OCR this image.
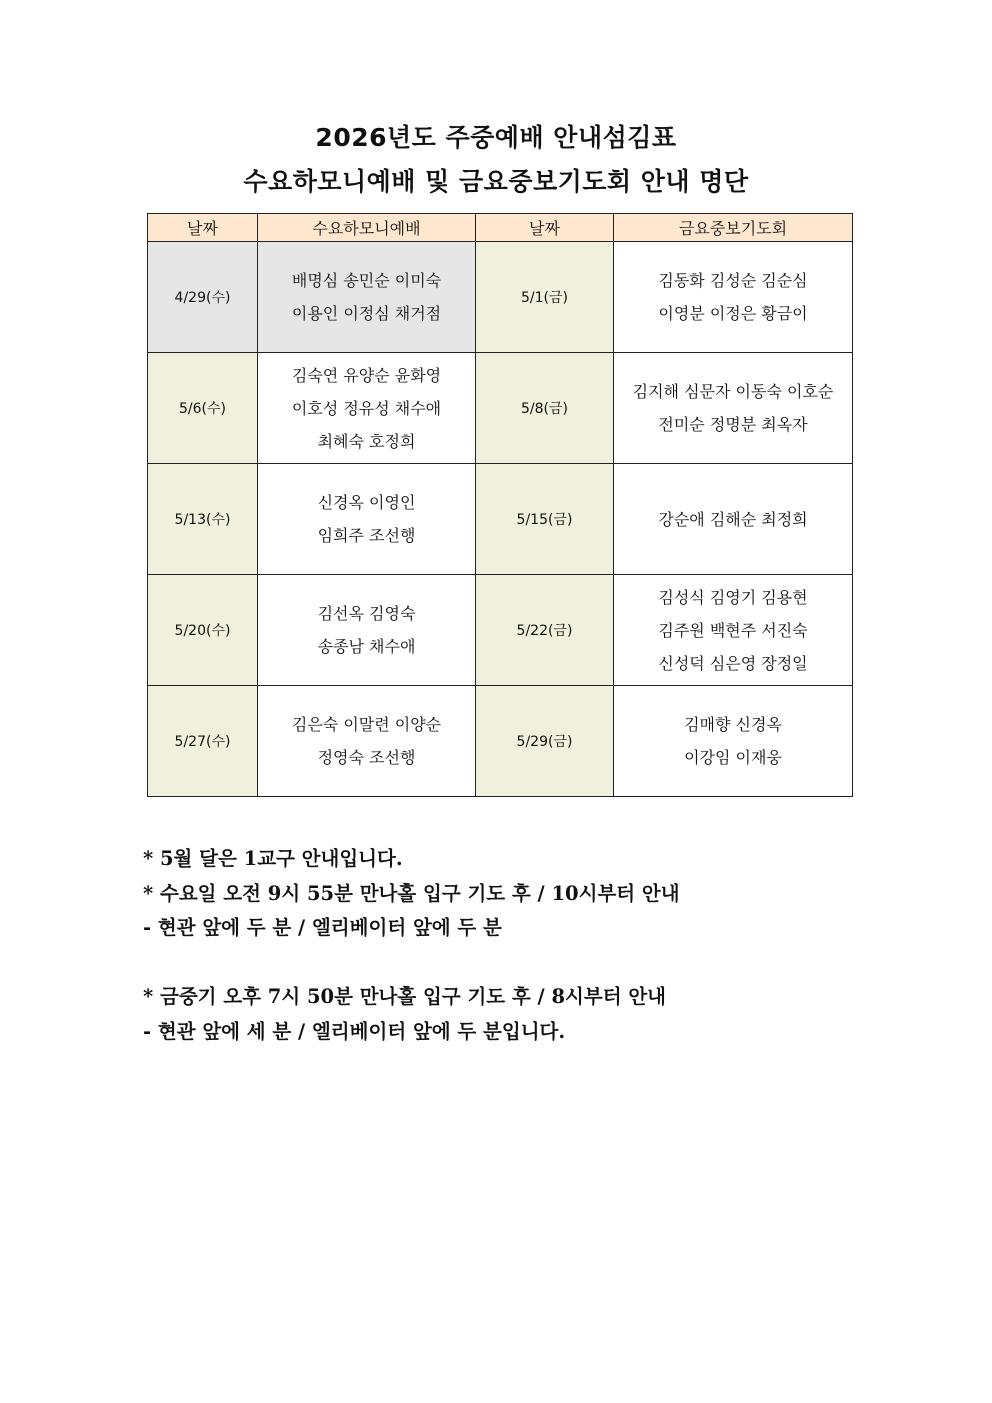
2026년도 주중예배 안내섬김표
수요하모니예배 및 금요중보기도회 안내 명단
날짜	수요하모니예배	날짜	금요중보기도회
4/29(수)	배명심 송민순 이미숙
이용인 이정심 채거점	5/1(금)	김동화 김성순 김순심
이영분 이정은 황금이

5/6(수)	김숙연 유양순 윤화영
이호성 정유성 채수애
최혜숙 호정희	5/8(금)	김지해 심문자 이동숙 이호순
전미순 정명분 최옥자

5/13(수)	신경옥 이영인
임희주 조선행	5/15(금)	강순애 김해순 최정희

5/20(수)	김선옥 김영숙
송종남 채수애	5/22(금)	김성식 김영기 김용현
김주원 백현주 서진숙
신성덕 심은영 장정일

5/27(수)	김은숙 이말련 이양순
정영숙 조선행	5/29(금)	김매향 신경옥
이강임 이재웅
* 5월 달은 1교구 안내입니다.
* 수요일 오전 9시 55분 만나홀 입구 기도 후 / 10시부터 안내
- 현관 앞에 두 분 / 엘리베이터 앞에 두 분
* 금중기 오후 7시 50분 만나홀 입구 기도 후 / 8시부터 안내
- 현관 앞에 세 분 / 엘리베이터 앞에 두 분입니다.
